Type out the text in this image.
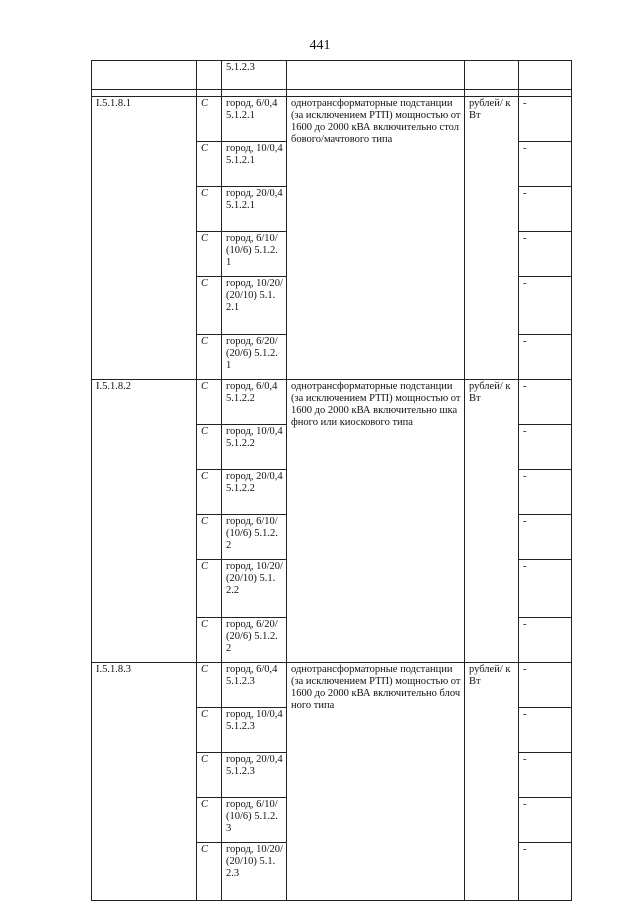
441
		5.1.2.3			

I.5.1.8.1	C	город, 6/0,4 5.1.2.1	однотрансформаторные подстанции (за исключением РТП) мощностью от 1600 до 2000 кВА включительно столбового/мачтового типа	рублей/ кВт	-
	C	город, 10/0,4 5.1.2.1			-
	C	город, 20/0,4 5.1.2.1			-
	C	город, 6/10/(10/6) 5.1.2.1			-
	C	город, 10/20/(20/10) 5.1.2.1			-
	C	город, 6/20/(20/6) 5.1.2.1			-
I.5.1.8.2	C	город, 6/0,4 5.1.2.2	однотрансформаторные подстанции (за исключением РТП) мощностью от 1600 до 2000 кВА включительно шкафного или киоскового типа	рублей/ кВт	-
	C	город, 10/0,4 5.1.2.2			-
	C	город, 20/0,4 5.1.2.2			-
	C	город, 6/10/(10/6) 5.1.2.2			-
	C	город, 10/20/(20/10) 5.1.2.2			-
	C	город, 6/20/(20/6) 5.1.2.2			-
I.5.1.8.3	C	город, 6/0,4 5.1.2.3	однотрансформаторные подстанции (за исключением РТП) мощностью от 1600 до 2000 кВА включительно блочного типа	рублей/ кВт	-
	C	город, 10/0,4 5.1.2.3			-
	C	город, 20/0,4 5.1.2.3			-
	C	город, 6/10/(10/6) 5.1.2.3			-
	C	город, 10/20/(20/10) 5.1.2.3			-
